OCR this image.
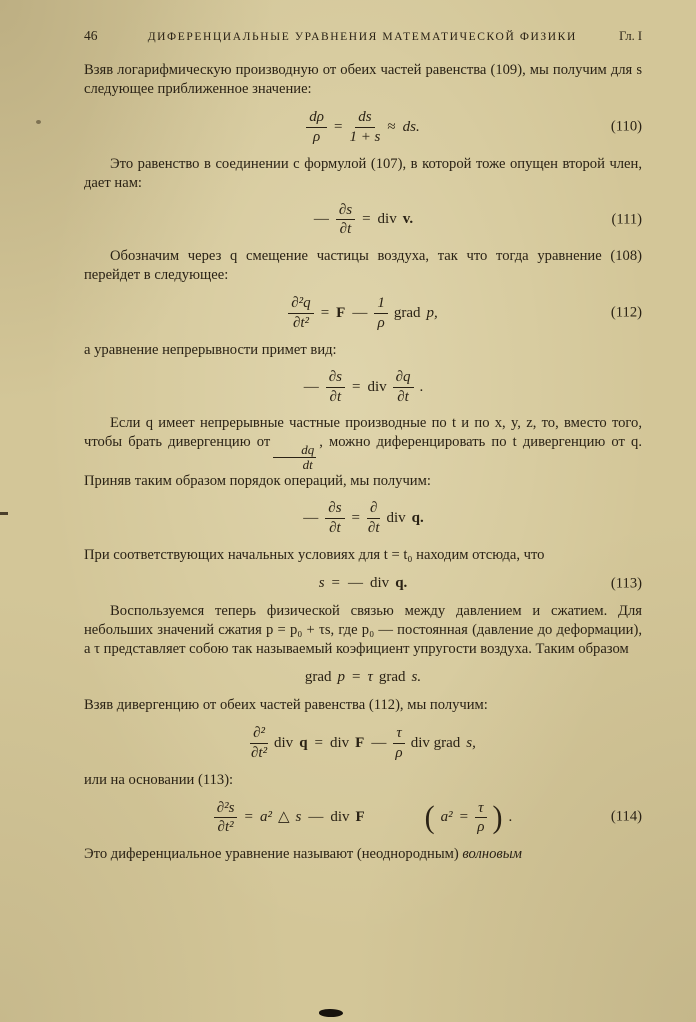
46	ДИФЕРЕНЦИАЛЬНЫЕ УРАВНЕНИЯ МАТЕМАТИЧЕСКОЙ ФИЗИКИ	Гл. I

Взяв логарифмическую производную от обеих частей равенства (109), мы получим для s следующее приближенное значение:

$\frac{d\rho}{\rho} = \frac{ds}{1 + s}$ ≈ ds.	(110)

Это равенство в соединении с формулой (107), в которой тоже опущен второй член, дает нам:

— $\frac{\partial s}{\partial t}$ = div v.	(111)

Обозначим через q смещение частицы воздуха, так что тогда уравнение (108) перейдет в следующее:

$\frac{\text{∂²q}}{\text{∂t²}} = F$ — $\frac{1}{\rho}$ grad p,	(112)

а уравнение непрерывности примет вид:

— $\frac{\partial s}{\partial t}$ = div $\frac{\partial q}{\partial t}$ .

Если q имеет непрерывные частные производные по t и по x, y, z, то, вместо того, чтобы брать дивергенцию от
$\frac{dq}{dt}$
, можно диференцировать по t дивергенцию от q. Приняв таким образом порядок операций, мы получим:

— $\frac{\partial s}{\partial t} = \frac{\partial}{\partial t}$ div q.

При соответствующих начальных условиях для t = t₀ находим отсюда, что

s = — div q.	(113)

Воспользуемся теперь физической связью между давлением и сжатием. Для небольших значений сжатия p = p₀ + τs, где p₀ — постоянная (давление до деформации), а τ представляет собою так называемый коэфициент упругости воздуха. Таким образом

grad p = τ grad s.

Взяв дивергенцию от обеих частей равенства (112), мы получим:

$\frac{\text{∂²}}{\text{∂t²}}$ div q = div F — $\frac{\tau}{\rho}$ div grad s,

или на основании (113):

$\frac{\text{∂²s}}{\text{∂t²}} = a^2$ △ s — div F ( $a^2 = \frac{\tau}{\rho}$ ) .	(114)

Это диференциальное уравнение называют (неоднородным) волновым
